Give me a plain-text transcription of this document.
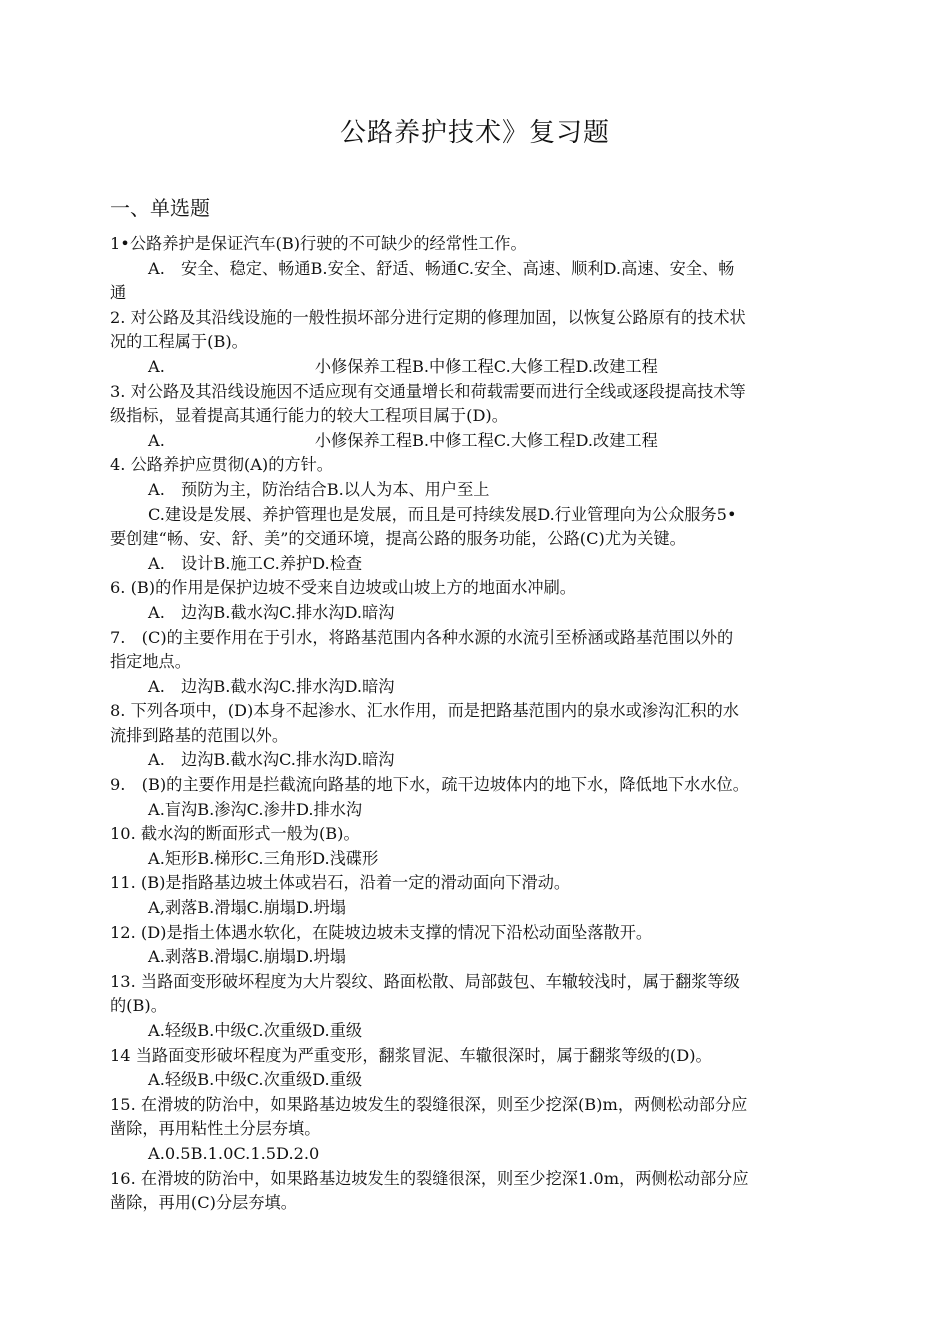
公路养护技术》复习题
一、单选题

1•公路养护是保证汽车(B)行驶的不可缺少的经常性工作。

A.　安全、稳定、畅通B.安全、舒适、畅通C.安全、高速、顺利D.高速、安全、畅

通

2. 对公路及其沿线设施的一般性损坏部分进行定期的修理加固，以恢复公路原有的技术状

况的工程属于(B)。

A.	小修保养工程B.中修工程C.大修工程D.改建工程

3. 对公路及其沿线设施因不适应现有交通量增长和荷载需要而进行全线或逐段提高技术等

级指标，显着提高其通行能力的较大工程项目属于(D)。

A.	小修保养工程B.中修工程C.大修工程D.改建工程

4. 公路养护应贯彻(A)的方针。

A.　预防为主，防治结合B.以人为本、用户至上

C.建设是发展、养护管理也是发展，而且是可持续发展D.行业管理向为公众服务5•

要创建“畅、安、舒、美”的交通环境，提高公路的服务功能，公路(C)尤为关键。

A.　设计B.施工C.养护D.检查

6. (B)的作用是保护边坡不受来自边坡或山坡上方的地面水冲刷。

A.　边沟B.截水沟C.排水沟D.暗沟

7.　(C)的主要作用在于引水，将路基范围内各种水源的水流引至桥涵或路基范围以外的

指定地点。

A.　边沟B.截水沟C.排水沟D.暗沟

8. 下列各项中，(D)本身不起渗水、汇水作用，而是把路基范围内的泉水或渗沟汇积的水

流排到路基的范围以外。

A.　边沟B.截水沟C.排水沟D.暗沟

9.　(B)的主要作用是拦截流向路基的地下水，疏干边坡体内的地下水，降低地下水水位。

A.盲沟B.渗沟C.渗井D.排水沟

10. 截水沟的断面形式一般为(B)。

A.矩形B.梯形C.三角形D.浅碟形

11. (B)是指路基边坡土体或岩石，沿着一定的滑动面向下滑动。

A,剥落B.滑塌C.崩塌D.坍塌

12. (D)是指土体遇水软化，在陡坡边坡未支撑的情况下沿松动面坠落散开。

A.剥落B.滑塌C.崩塌D.坍塌

13. 当路面变形破坏程度为大片裂纹、路面松散、局部鼓包、车辙较浅时，属于翻浆等级

的(B)。

A.轻级B.中级C.次重级D.重级

14 当路面变形破坏程度为严重变形，翻浆冒泥、车辙很深时，属于翻浆等级的(D)。

A.轻级B.中级C.次重级D.重级

15. 在滑坡的防治中，如果路基边坡发生的裂缝很深，则至少挖深(B)m，两侧松动部分应

凿除，再用粘性土分层夯填。

A.0.5B.1.0C.1.5D.2.0

16. 在滑坡的防治中，如果路基边坡发生的裂缝很深，则至少挖深1.0m，两侧松动部分应

凿除，再用(C)分层夯填。
